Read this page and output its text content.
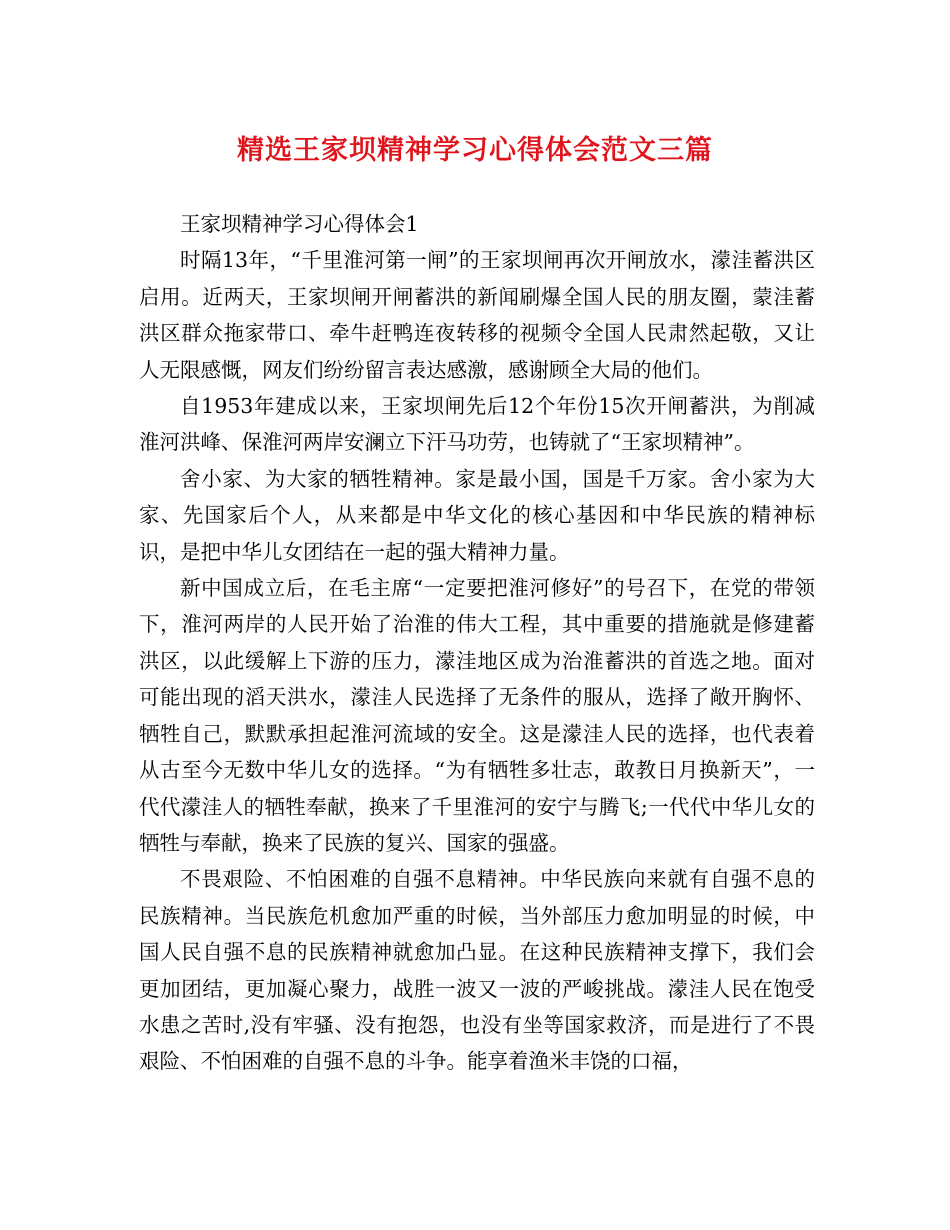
精选王家坝精神学习心得体会范文三篇

王家坝精神学习心得体会1

时隔13年，“千里淮河第一闸”的王家坝闸再次开闸放水，濛洼蓄洪区启用。近两天，王家坝闸开闸蓄洪的新闻刷爆全国人民的朋友圈，蒙洼蓄洪区群众拖家带口、牵牛赶鸭连夜转移的视频令全国人民肃然起敬，又让人无限感慨，网友们纷纷留言表达感激，感谢顾全大局的他们。

自1953年建成以来，王家坝闸先后12个年份15次开闸蓄洪，为削减淮河洪峰、保淮河两岸安澜立下汗马功劳，也铸就了“王家坝精神”。

舍小家、为大家的牺牲精神。家是最小国，国是千万家。舍小家为大家、先国家后个人，从来都是中华文化的核心基因和中华民族的精神标识，是把中华儿女团结在一起的强大精神力量。

新中国成立后，在毛主席“一定要把淮河修好”的号召下，在党的带领下，淮河两岸的人民开始了治淮的伟大工程，其中重要的措施就是修建蓄洪区，以此缓解上下游的压力，濛洼地区成为治淮蓄洪的首选之地。面对可能出现的滔天洪水，濛洼人民选择了无条件的服从，选择了敞开胸怀、牺牲自己，默默承担起淮河流域的安全。这是濛洼人民的选择，也代表着从古至今无数中华儿女的选择。“为有牺牲多壮志，敢教日月换新天”，一代代濛洼人的牺牲奉献，换来了千里淮河的安宁与腾飞;一代代中华儿女的牺牲与奉献，换来了民族的复兴、国家的强盛。

不畏艰险、不怕困难的自强不息精神。中华民族向来就有自强不息的民族精神。当民族危机愈加严重的时候，当外部压力愈加明显的时候，中国人民自强不息的民族精神就愈加凸显。在这种民族精神支撑下，我们会更加团结，更加凝心聚力，战胜一波又一波的严峻挑战。濛洼人民在饱受水患之苦时,没有牢骚、没有抱怨，也没有坐等国家救济，而是进行了不畏艰险、不怕困难的自强不息的斗争。能享着渔米丰饶的口福，
